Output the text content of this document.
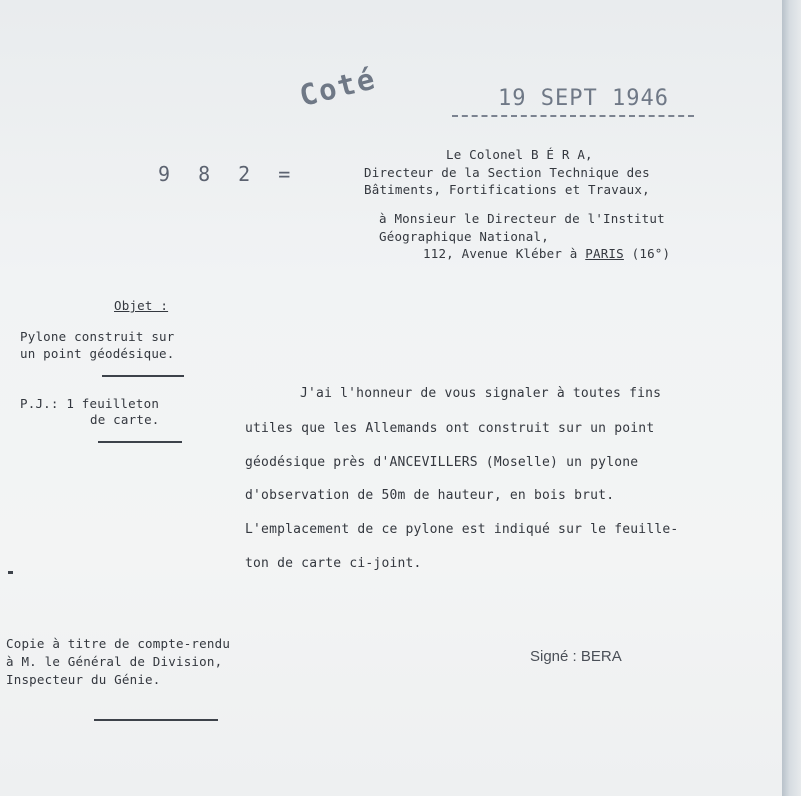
Coté	19 SEPT 1946
9 8 2 =

Le Colonel B É R A,

Directeur de la Section Technique des

Bâtiments, Fortifications et Travaux,

à Monsieur le Directeur de l'Institut

Géographique National,

112, Avenue Kléber à PARIS (16°)

Objet :

Pylone construit sur

un point géodésique.

P.J.: 1 feuilleton

de carte.

J'ai l'honneur de vous signaler à toutes fins

utiles que les Allemands ont construit sur un point

géodésique près d'ANCEVILLERS (Moselle) un pylone

d'observation de 50m de hauteur, en bois brut.

L'emplacement de ce pylone est indiqué sur le feuille-

ton de carte ci-joint.

Copie à titre de compte-rendu

à M. le Général de Division,

Inspecteur du Génie.

Signé : BERA
